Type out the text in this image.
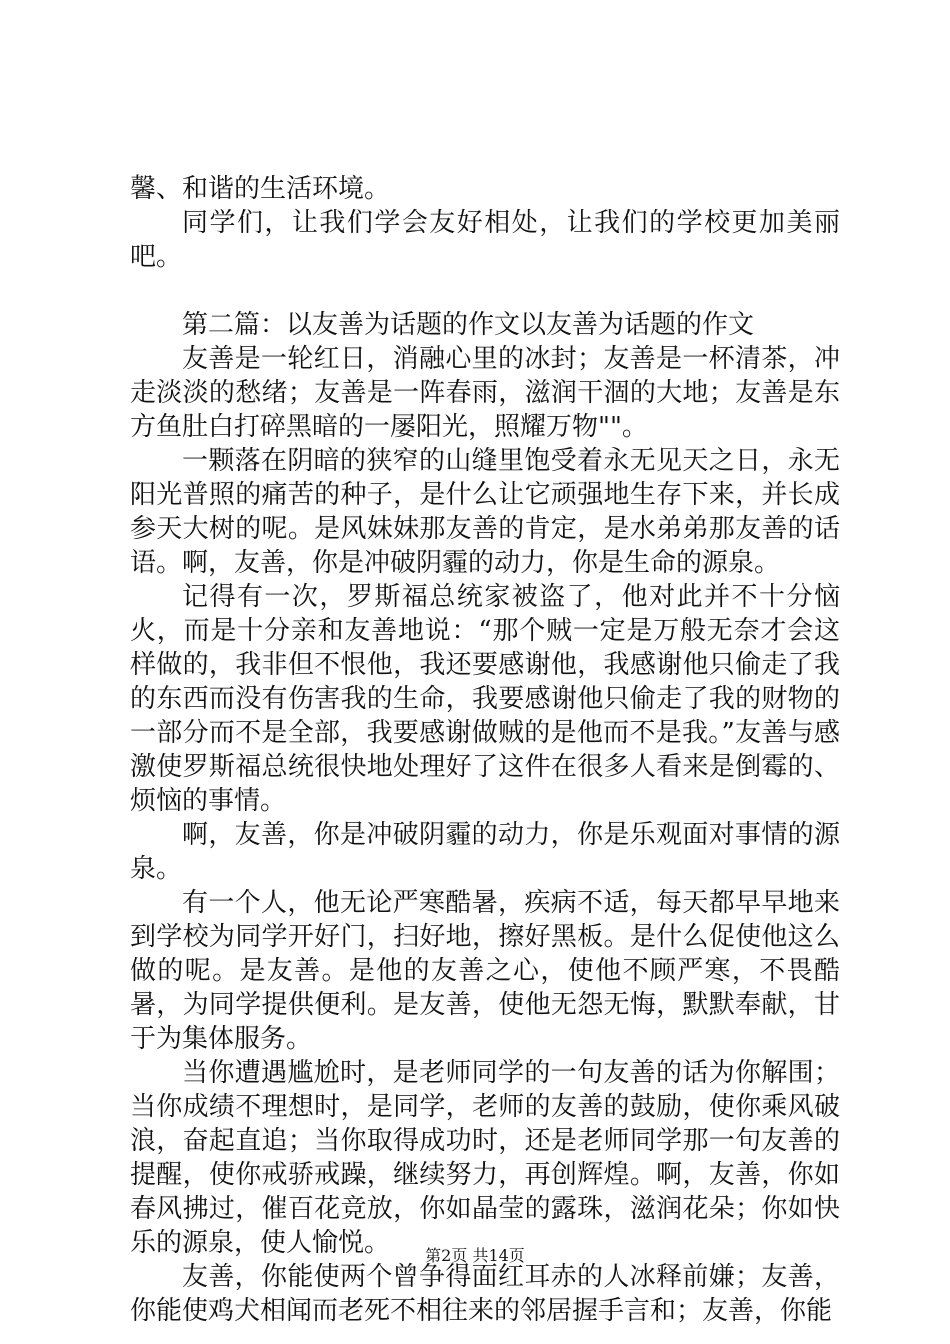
馨、和谐的生活环境。

同学们，让我们学会友好相处，让我们的学校更加美丽吧。

第二篇：以友善为话题的作文以友善为话题的作文

友善是一轮红日，消融心里的冰封；友善是一杯清茶，冲走淡淡的愁绪；友善是一阵春雨，滋润干涸的大地；友善是东方鱼肚白打碎黑暗的一屡阳光，照耀万物""。

一颗落在阴暗的狭窄的山缝里饱受着永无见天之日，永无阳光普照的痛苦的种子，是什么让它顽强地生存下来，并长成参天大树的呢。是风妹妹那友善的肯定，是水弟弟那友善的话语。啊，友善，你是冲破阴霾的动力，你是生命的源泉。

记得有一次，罗斯福总统家被盗了，他对此并不十分恼火，而是十分亲和友善地说：“那个贼一定是万般无奈才会这样做的，我非但不恨他，我还要感谢他，我感谢他只偷走了我的东西而没有伤害我的生命，我要感谢他只偷走了我的财物的一部分而不是全部，我要感谢做贼的是他而不是我。”友善与感激使罗斯福总统很快地处理好了这件在很多人看来是倒霉的、烦恼的事情。

啊，友善，你是冲破阴霾的动力，你是乐观面对事情的源泉。

有一个人，他无论严寒酷暑，疾病不适，每天都早早地来到学校为同学开好门，扫好地，擦好黑板。是什么促使他这么做的呢。是友善。是他的友善之心，使他不顾严寒，不畏酷暑，为同学提供便利。是友善，使他无怨无悔，默默奉献，甘于为集体服务。

当你遭遇尴尬时，是老师同学的一句友善的话为你解围；当你成绩不理想时，是同学，老师的友善的鼓励，使你乘风破浪，奋起直追；当你取得成功时，还是老师同学那一句友善的提醒，使你戒骄戒躁，继续努力，再创辉煌。啊，友善，你如春风拂过，催百花竞放，你如晶莹的露珠，滋润花朵；你如快乐的源泉，使人愉悦。

友善，你能使两个曾争得面红耳赤的人冰释前嫌；友善，你能使鸡犬相闻而老死不相往来的邻居握手言和；友善，你能

第2页 共14页
